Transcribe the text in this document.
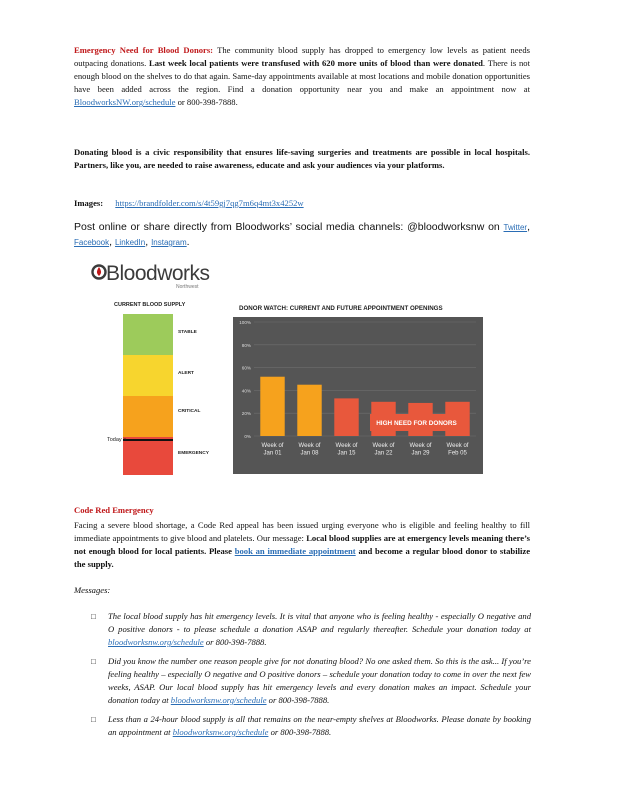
Emergency Need for Blood Donors: The community blood supply has dropped to emergency low levels as patient needs outpacing donations. Last week local patients were transfused with 620 more units of blood than were donated. There is not enough blood on the shelves to do that again. Same-day appointments available at most locations and mobile donation opportunities have been added across the region. Find a donation opportunity near you and make an appointment now at BloodworksNW.org/schedule or 800-398-7888.
Donating blood is a civic responsibility that ensures life-saving surgeries and treatments are possible in local hospitals. Partners, like you, are needed to raise awareness, educate and ask your audiences via your platforms.
Images: https://brandfolder.com/s/4t59gj7qg7m6q4mt3x4252w
Post online or share directly from Bloodworks’ social media channels: @bloodworksnw on Twitter, Facebook, LinkedIn, Instagram.
Bloodworks
Northwest
CURRENT BLOOD SUPPLY
STABLE
ALERT
CRITICAL
EMERGENCY
Today >
DONOR WATCH: CURRENT AND FUTURE APPOINTMENT OPENINGS
100%
80%
60%
40%
20%
0%
Week of Jan 01
Week of Jan 08
Week of Jan 15
Week of Jan 22
Week of Jan 29
Week of Feb 05
HIGH NEED FOR DONORS
Code Red Emergency
Facing a severe blood shortage, a Code Red appeal has been issued urging everyone who is eligible and feeling healthy to fill immediate appointments to give blood and platelets. Our message: Local blood supplies are at emergency levels meaning there’s not enough blood for local patients. Please book an immediate appointment and become a regular blood donor to stabilize the supply.
Messages:
□ The local blood supply has hit emergency levels. It is vital that anyone who is feeling healthy - especially O negative and O positive donors - to please schedule a donation ASAP and regularly thereafter. Schedule your donation today at bloodworksnw.org/schedule or 800-398-7888.
□ Did you know the number one reason people give for not donating blood? No one asked them. So this is the ask... If you’re feeling healthy – especially O negative and O positive donors – schedule your donation today to come in over the next few weeks, ASAP. Our local blood supply has hit emergency levels and every donation makes an impact. Schedule your donation today at bloodworksnw.org/schedule or 800-398-7888.
□ Less than a 24-hour blood supply is all that remains on the near-empty shelves at Bloodworks. Please donate by booking an appointment at bloodworksnw.org/schedule or 800-398-7888.
